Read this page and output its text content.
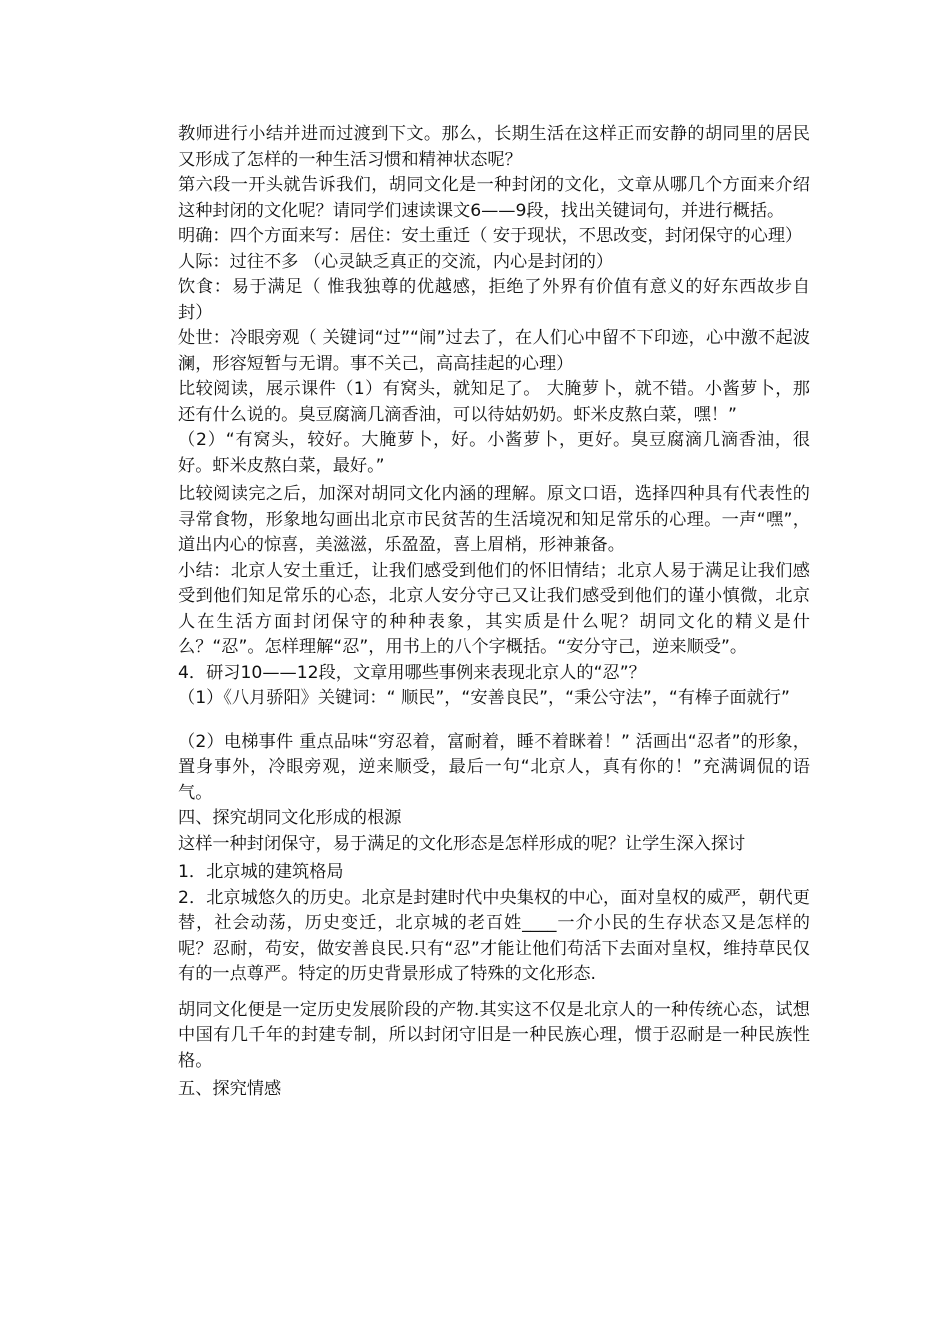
教师进行小结并进而过渡到下文。那么，长期生活在这样正而安静的胡同里的居民又形成了怎样的一种生活习惯和精神状态呢？

第六段一开头就告诉我们，胡同文化是一种封闭的文化，文章从哪几个方面来介绍这种封闭的文化呢？请同学们速读课文6——9段，找出关键词句，并进行概括。

明确：四个方面来写：居住：安土重迁（ 安于现状，不思改变，封闭保守的心理）

人际：过往不多 （心灵缺乏真正的交流，内心是封闭的）

饮食：易于满足（ 惟我独尊的优越感，拒绝了外界有价值有意义的好东西故步自封）

处世：冷眼旁观（ 关键词“过”“闹”过去了，在人们心中留不下印迹，心中激不起波澜，形容短暂与无谓。事不关己，高高挂起的心理）

比较阅读，展示课件（1）有窝头，就知足了。 大腌萝卜，就不错。小酱萝卜，那还有什么说的。臭豆腐滴几滴香油，可以待姑奶奶。虾米皮熬白菜，嘿！”

（2）“有窝头，较好。大腌萝卜，好。小酱萝卜，更好。臭豆腐滴几滴香油，很好。虾米皮熬白菜，最好。”

比较阅读完之后，加深对胡同文化内涵的理解。原文口语，选择四种具有代表性的寻常食物，形象地勾画出北京市民贫苦的生活境况和知足常乐的心理。一声“嘿”，道出内心的惊喜，美滋滋，乐盈盈，喜上眉梢，形神兼备。

小结：北京人安土重迁，让我们感受到他们的怀旧情结；北京人易于满足让我们感受到他们知足常乐的心态，北京人安分守己又让我们感受到他们的谨小慎微，北京人在生活方面封闭保守的种种表象，其实质是什么呢？胡同文化的精义是什么？“忍”。怎样理解“忍”，用书上的八个字概括。“安分守己，逆来顺受”。

4．研习10——12段，文章用哪些事例来表现北京人的“忍”？

（1）《八月骄阳》关键词：“ 顺民”，“安善良民”，“秉公守法”，“有棒子面就行”

（2）电梯事件 重点品味“穷忍着，富耐着，睡不着眯着！” 活画出“忍者”的形象，置身事外，冷眼旁观，逆来顺受，最后一句“北京人，真有你的！”充满调侃的语气。

四、探究胡同文化形成的根源

这样一种封闭保守，易于满足的文化形态是怎样形成的呢？让学生深入探讨

1．北京城的建筑格局

2．北京城悠久的历史。北京是封建时代中央集权的中心，面对皇权的威严，朝代更替，社会动荡，历史变迁，北京城的老百姓____一介小民的生存状态又是怎样的呢？忍耐，苟安，做安善良民.只有“忍”才能让他们苟活下去面对皇权，维持草民仅有的一点尊严。特定的历史背景形成了特殊的文化形态.

胡同文化便是一定历史发展阶段的产物.其实这不仅是北京人的一种传统心态，试想中国有几千年的封建专制，所以封闭守旧是一种民族心理，惯于忍耐是一种民族性格。

五、探究情感
